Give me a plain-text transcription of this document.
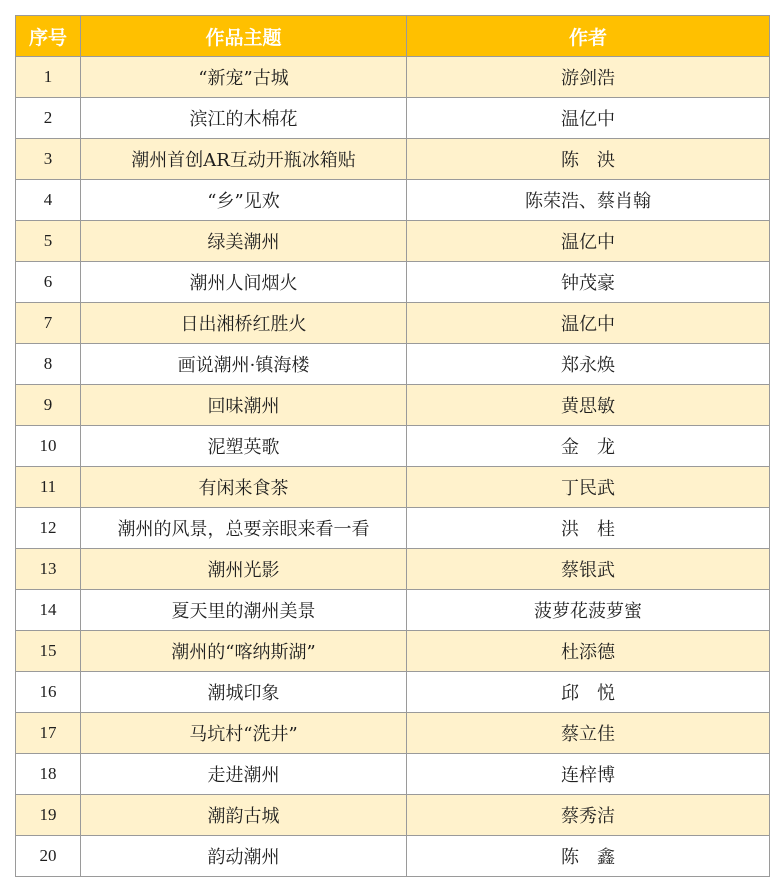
序号	作品主题	作者
1	“新宠”古城	游剑浩
2	滨江的木棉花	温亿中
3	潮州首创AR互动开瓶冰箱贴	陈　泱
4	“乡”见欢	陈荣浩、蔡肖翰
5	绿美潮州	温亿中
6	潮州人间烟火	钟茂豪
7	日出湘桥红胜火	温亿中
8	画说潮州·镇海楼	郑永焕
9	回味潮州	黄思敏
10	泥塑英歌	金　龙
11	有闲来食茶	丁民武
12	潮州的风景，总要亲眼来看一看	洪　桂
13	潮州光影	蔡银武
14	夏天里的潮州美景	菠萝花菠萝蜜
15	潮州的“喀纳斯湖”	杜添德
16	潮城印象	邱　悦
17	马坑村“洗井”	蔡立佳
18	走进潮州	连梓博
19	潮韵古城	蔡秀洁
20	韵动潮州	陈　鑫
